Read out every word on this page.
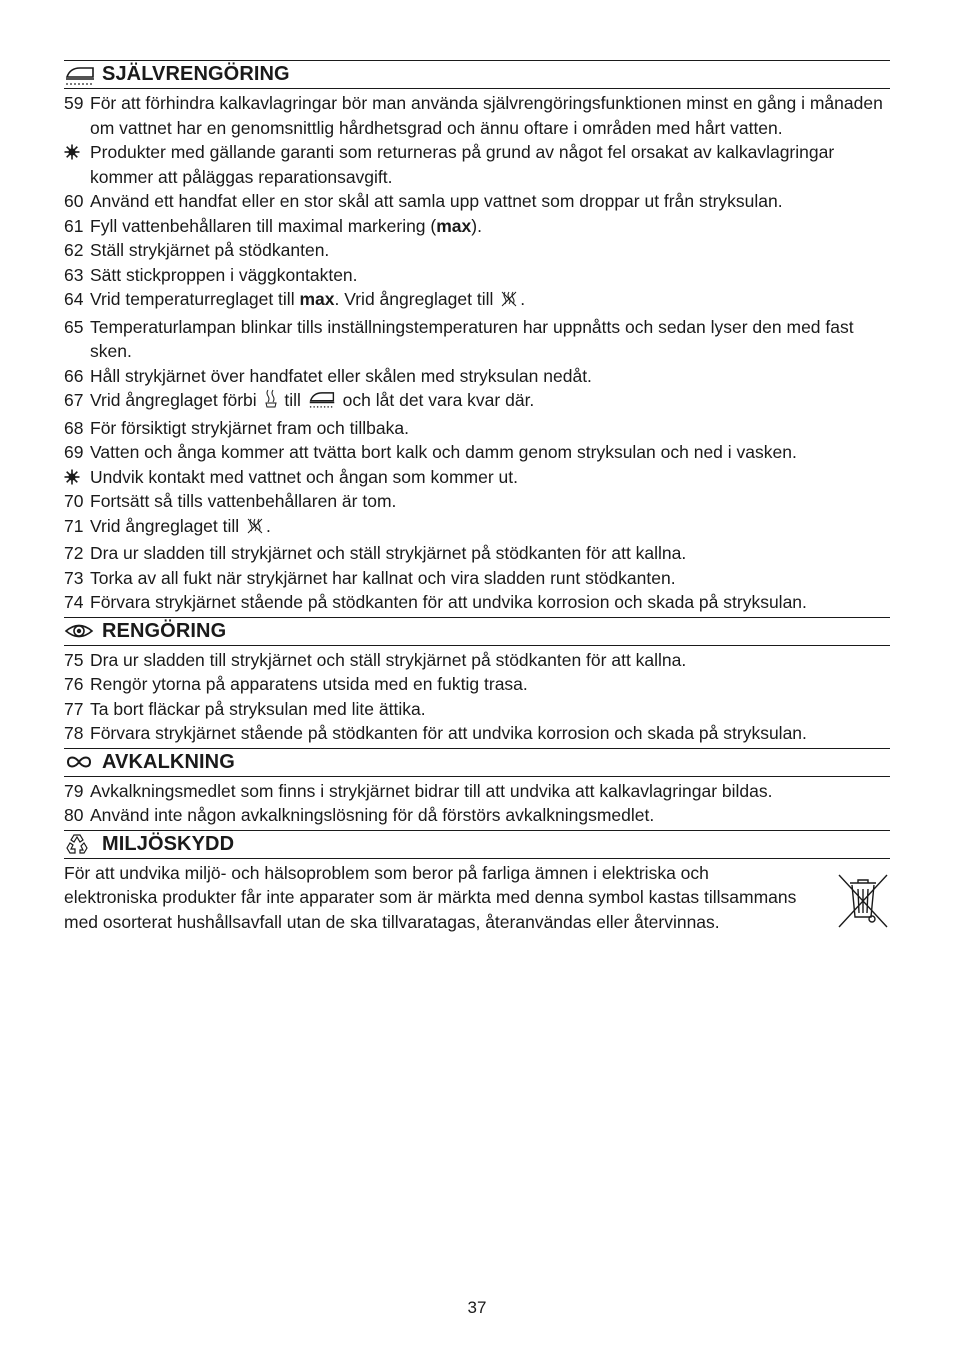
SJÄLVRENGÖRING
59 För att förhindra kalkavlagringar bör man använda självrengöringsfunktionen minst en gång i månaden om vattnet har en genomsnittlig hårdhetsgrad och ännu oftare i områden med hårt vatten.
Produkter med gällande garanti som returneras på grund av något fel orsakat av kalkavlagringar kommer att påläggas reparationsavgift.
60 Använd ett handfat eller en stor skål att samla upp vattnet som droppar ut från stryksulan.
61 Fyll vattenbehållaren till maximal markering (max).
62 Ställ strykjärnet på stödkanten.
63 Sätt stickproppen i väggkontakten.
64 Vrid temperaturreglaget till max. Vrid ångreglaget till .
65 Temperaturlampan blinkar tills inställningstemperaturen har uppnåtts och sedan lyser den med fast sken.
66 Håll strykjärnet över handfatet eller skålen med stryksulan nedåt.
67 Vrid ångreglaget förbi  till  och låt det vara kvar där.
68 För försiktigt strykjärnet fram och tillbaka.
69 Vatten och ånga kommer att tvätta bort kalk och damm genom stryksulan och ned i vasken.
Undvik kontakt med vattnet och ångan som kommer ut.
70 Fortsätt så tills vattenbehållaren är tom.
71 Vrid ångreglaget till .
72 Dra ur sladden till strykjärnet och ställ strykjärnet på stödkanten för att kallna.
73 Torka av all fukt när strykjärnet har kallnat och vira sladden runt stödkanten.
74 Förvara strykjärnet stående på stödkanten för att undvika korrosion och skada på stryksulan.
RENGÖRING
75 Dra ur sladden till strykjärnet och ställ strykjärnet på stödkanten för att kallna.
76 Rengör ytorna på apparatens utsida med en fuktig trasa.
77 Ta bort fläckar på stryksulan med lite ättika.
78 Förvara strykjärnet stående på stödkanten för att undvika korrosion och skada på stryksulan.
AVKALKNING
79 Avkalkningsmedlet som finns i strykjärnet bidrar till att undvika att kalkavlagringar bildas.
80 Använd inte någon avkalkningslösning för då förstörs avkalkningsmedlet.
MILJÖSKYDD
För att undvika miljö- och hälsoproblem som beror på farliga ämnen i elektriska och elektroniska produkter får inte apparater som är märkta med denna symbol kastas tillsammans med osorterat hushållsavfall utan de ska tillvaratagas, återanvändas eller återvinnas.
37
